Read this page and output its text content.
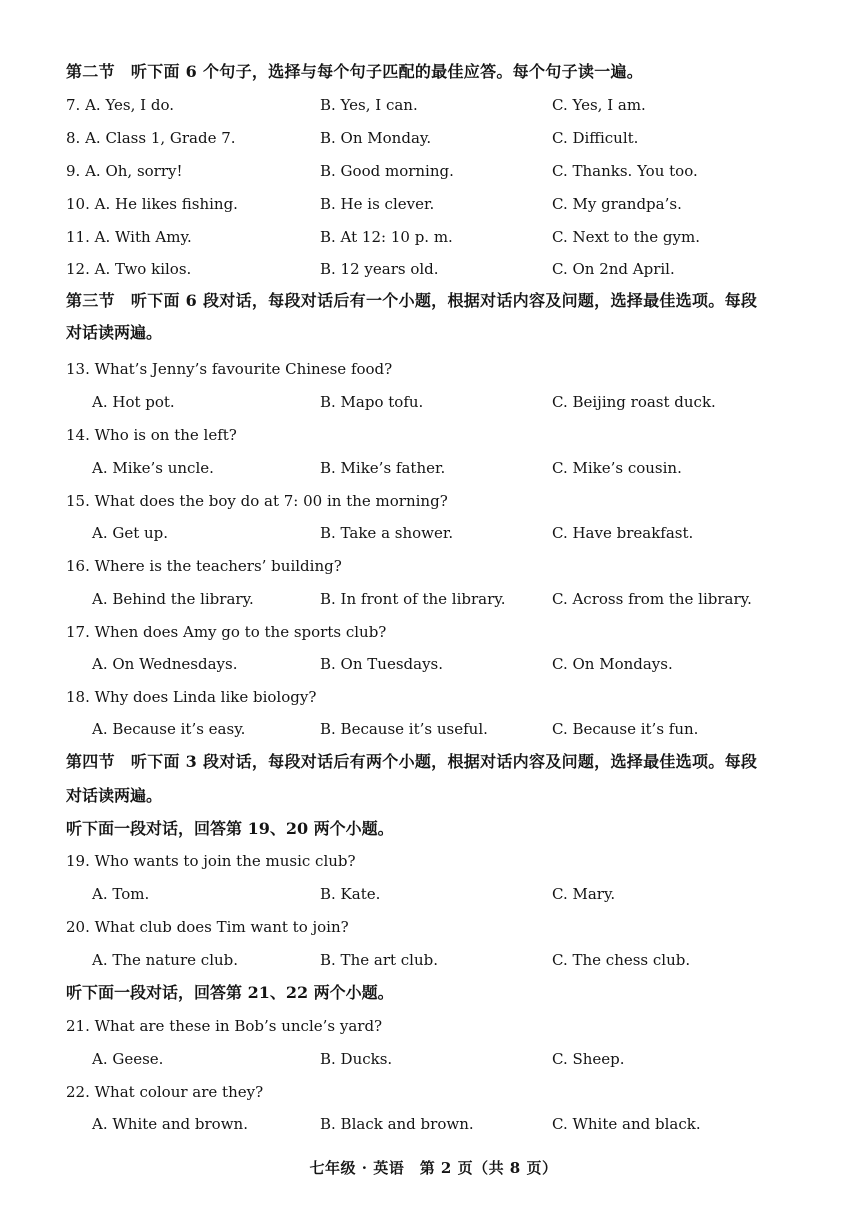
第二节 听下面 6 个句子，选择与每个句子匹配的最佳应答。每个句子读一遍。
7. A. Yes, I do.	B. Yes, I can.	C. Yes, I am.
8. A. Class 1, Grade 7.	B. On Monday.	C. Difficult.
9. A. Oh, sorry!	B. Good morning.	C. Thanks. You too.
10. A. He likes fishing.	B. He is clever.	C. My grandpa’s.
11. A. With Amy.	B. At 12: 10 p. m.	C. Next to the gym.
12. A. Two kilos.	B. 12 years old.	C. On 2nd April.
第三节 听下面 6 段对话，每段对话后有一个小题，根据对话内容及问题，选择最佳选项。每段
对话读两遍。
13. What’s Jenny’s favourite Chinese food?
A. Hot pot.	B. Mapo tofu.	C. Beijing roast duck.
14. Who is on the left?
A. Mike’s uncle.	B. Mike’s father.	C. Mike’s cousin.
15. What does the boy do at 7: 00 in the morning?
A. Get up.	B. Take a shower.	C. Have breakfast.
16. Where is the teachers’ building?
A. Behind the library.	B. In front of the library.	C. Across from the library.
17. When does Amy go to the sports club?
A. On Wednesdays.	B. On Tuesdays.	C. On Mondays.
18. Why does Linda like biology?
A. Because it’s easy.	B. Because it’s useful.	C. Because it’s fun.
第四节 听下面 3 段对话，每段对话后有两个小题，根据对话内容及问题，选择最佳选项。每段
对话读两遍。
听下面一段对话，回答第 19、20 两个小题。
19. Who wants to join the music club?
A. Tom.	B. Kate.	C. Mary.
20. What club does Tim want to join?
A. The nature club.	B. The art club.	C. The chess club.
听下面一段对话，回答第 21、22 两个小题。
21. What are these in Bob’s uncle’s yard?
A. Geese.	B. Ducks.	C. Sheep.
22. What colour are they?
A. White and brown.	B. Black and brown.	C. White and black.
七年级 · 英语　第 2 页（共 8 页）
